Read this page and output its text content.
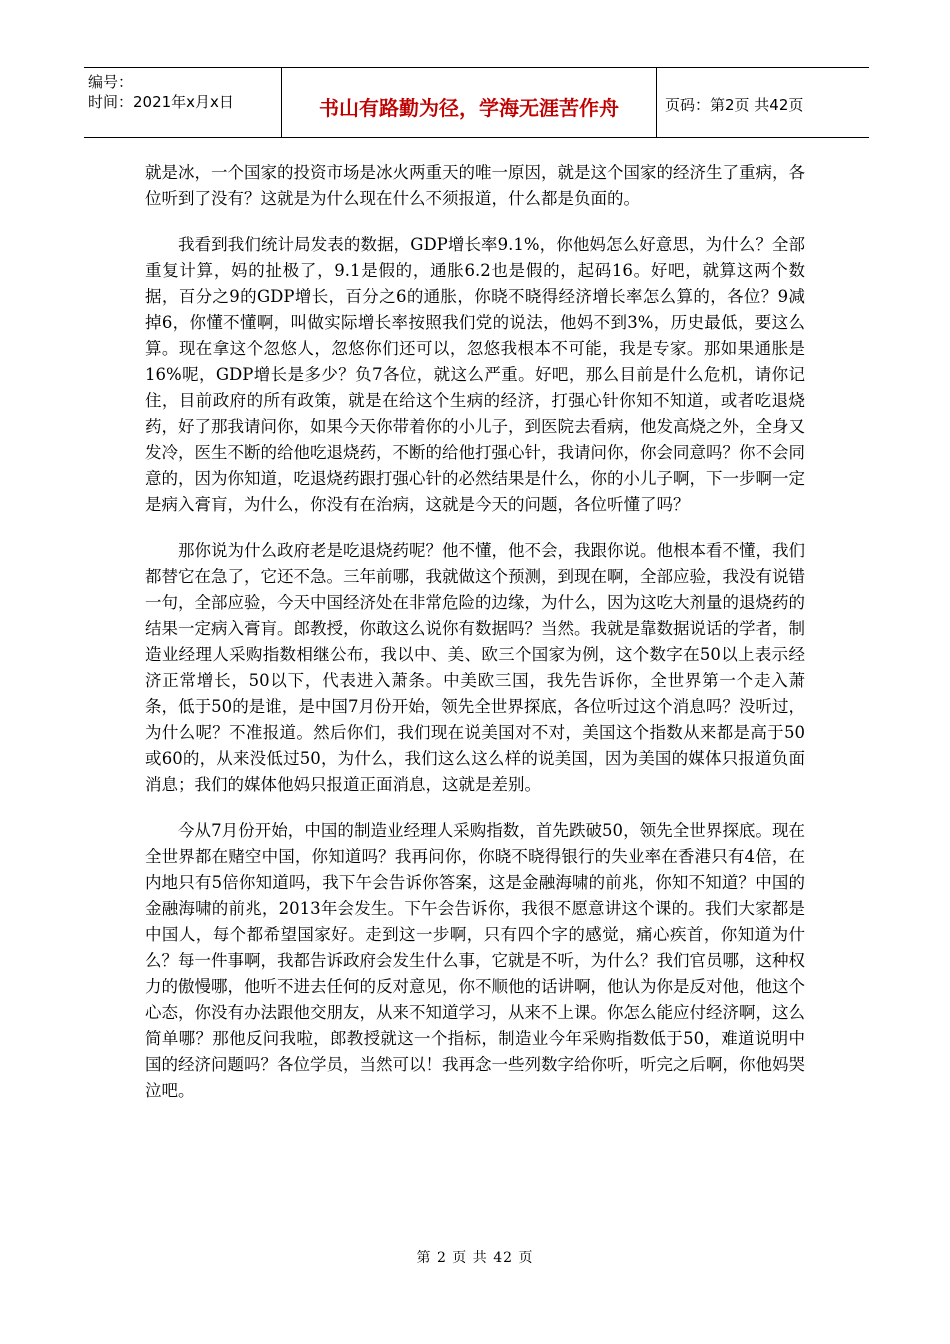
编号：
时间：2021年x月x日	书山有路勤为径，学海无涯苦作舟	页码：第2页 共42页

就是冰，一个国家的投资市场是冰火两重天的唯一原因，就是这个国家的经济生了重病，各位听到了没有？这就是为什么现在什么不须报道，什么都是负面的。

我看到我们统计局发表的数据，GDP增长率9.1%，你他妈怎么好意思，为什么？全部重复计算，妈的扯极了，9.1是假的，通胀6.2也是假的，起码16。好吧，就算这两个数据，百分之9的GDP增长，百分之6的通胀，你晓不晓得经济增长率怎么算的，各位？9减掉6，你懂不懂啊，叫做实际增长率按照我们党的说法，他妈不到3%，历史最低，要这么算。现在拿这个忽悠人，忽悠你们还可以，忽悠我根本不可能，我是专家。那如果通胀是16%呢，GDP增长是多少？负7各位，就这么严重。好吧，那么目前是什么危机，请你记住，目前政府的所有政策，就是在给这个生病的经济，打强心针你知不知道，或者吃退烧药，好了那我请问你，如果今天你带着你的小儿子，到医院去看病，他发高烧之外，全身又发冷，医生不断的给他吃退烧药，不断的给他打强心针，我请问你，你会同意吗？你不会同意的，因为你知道，吃退烧药跟打强心针的必然结果是什么，你的小儿子啊，下一步啊一定是病入膏肓，为什么，你没有在治病，这就是今天的问题，各位听懂了吗？

那你说为什么政府老是吃退烧药呢？他不懂，他不会，我跟你说。他根本看不懂，我们都替它在急了，它还不急。三年前哪，我就做这个预测，到现在啊，全部应验，我没有说错一句，全部应验，今天中国经济处在非常危险的边缘，为什么，因为这吃大剂量的退烧药的结果一定病入膏肓。郎教授，你敢这么说你有数据吗？当然。我就是靠数据说话的学者，制造业经理人采购指数相继公布，我以中、美、欧三个国家为例，这个数字在50以上表示经济正常增长，50以下，代表进入萧条。中美欧三国，我先告诉你，全世界第一个走入萧条，低于50的是谁，是中国7月份开始，领先全世界探底，各位听过这个消息吗？没听过，为什么呢？不准报道。然后你们，我们现在说美国对不对，美国这个指数从来都是高于50或60的，从来没低过50，为什么，我们这么这么样的说美国，因为美国的媒体只报道负面消息；我们的媒体他妈只报道正面消息，这就是差别。

今从7月份开始，中国的制造业经理人采购指数，首先跌破50，领先全世界探底。现在全世界都在赌空中国，你知道吗？我再问你，你晓不晓得银行的失业率在香港只有4倍，在内地只有5倍你知道吗，我下午会告诉你答案，这是金融海啸的前兆，你知不知道？中国的金融海啸的前兆，2013年会发生。下午会告诉你，我很不愿意讲这个课的。我们大家都是中国人，每个都希望国家好。走到这一步啊，只有四个字的感觉，痛心疾首，你知道为什么？每一件事啊，我都告诉政府会发生什么事，它就是不听，为什么？我们官员哪，这种权力的傲慢哪，他听不进去任何的反对意见，你不顺他的话讲啊，他认为你是反对他，他这个心态，你没有办法跟他交朋友，从来不知道学习，从来不上课。你怎么能应付经济啊，这么简单哪？那他反问我啦，郎教授就这一个指标，制造业今年采购指数低于50，难道说明中国的经济问题吗？各位学员，当然可以！我再念一些列数字给你听，听完之后啊，你他妈哭泣吧。

第 2 页 共 42 页
